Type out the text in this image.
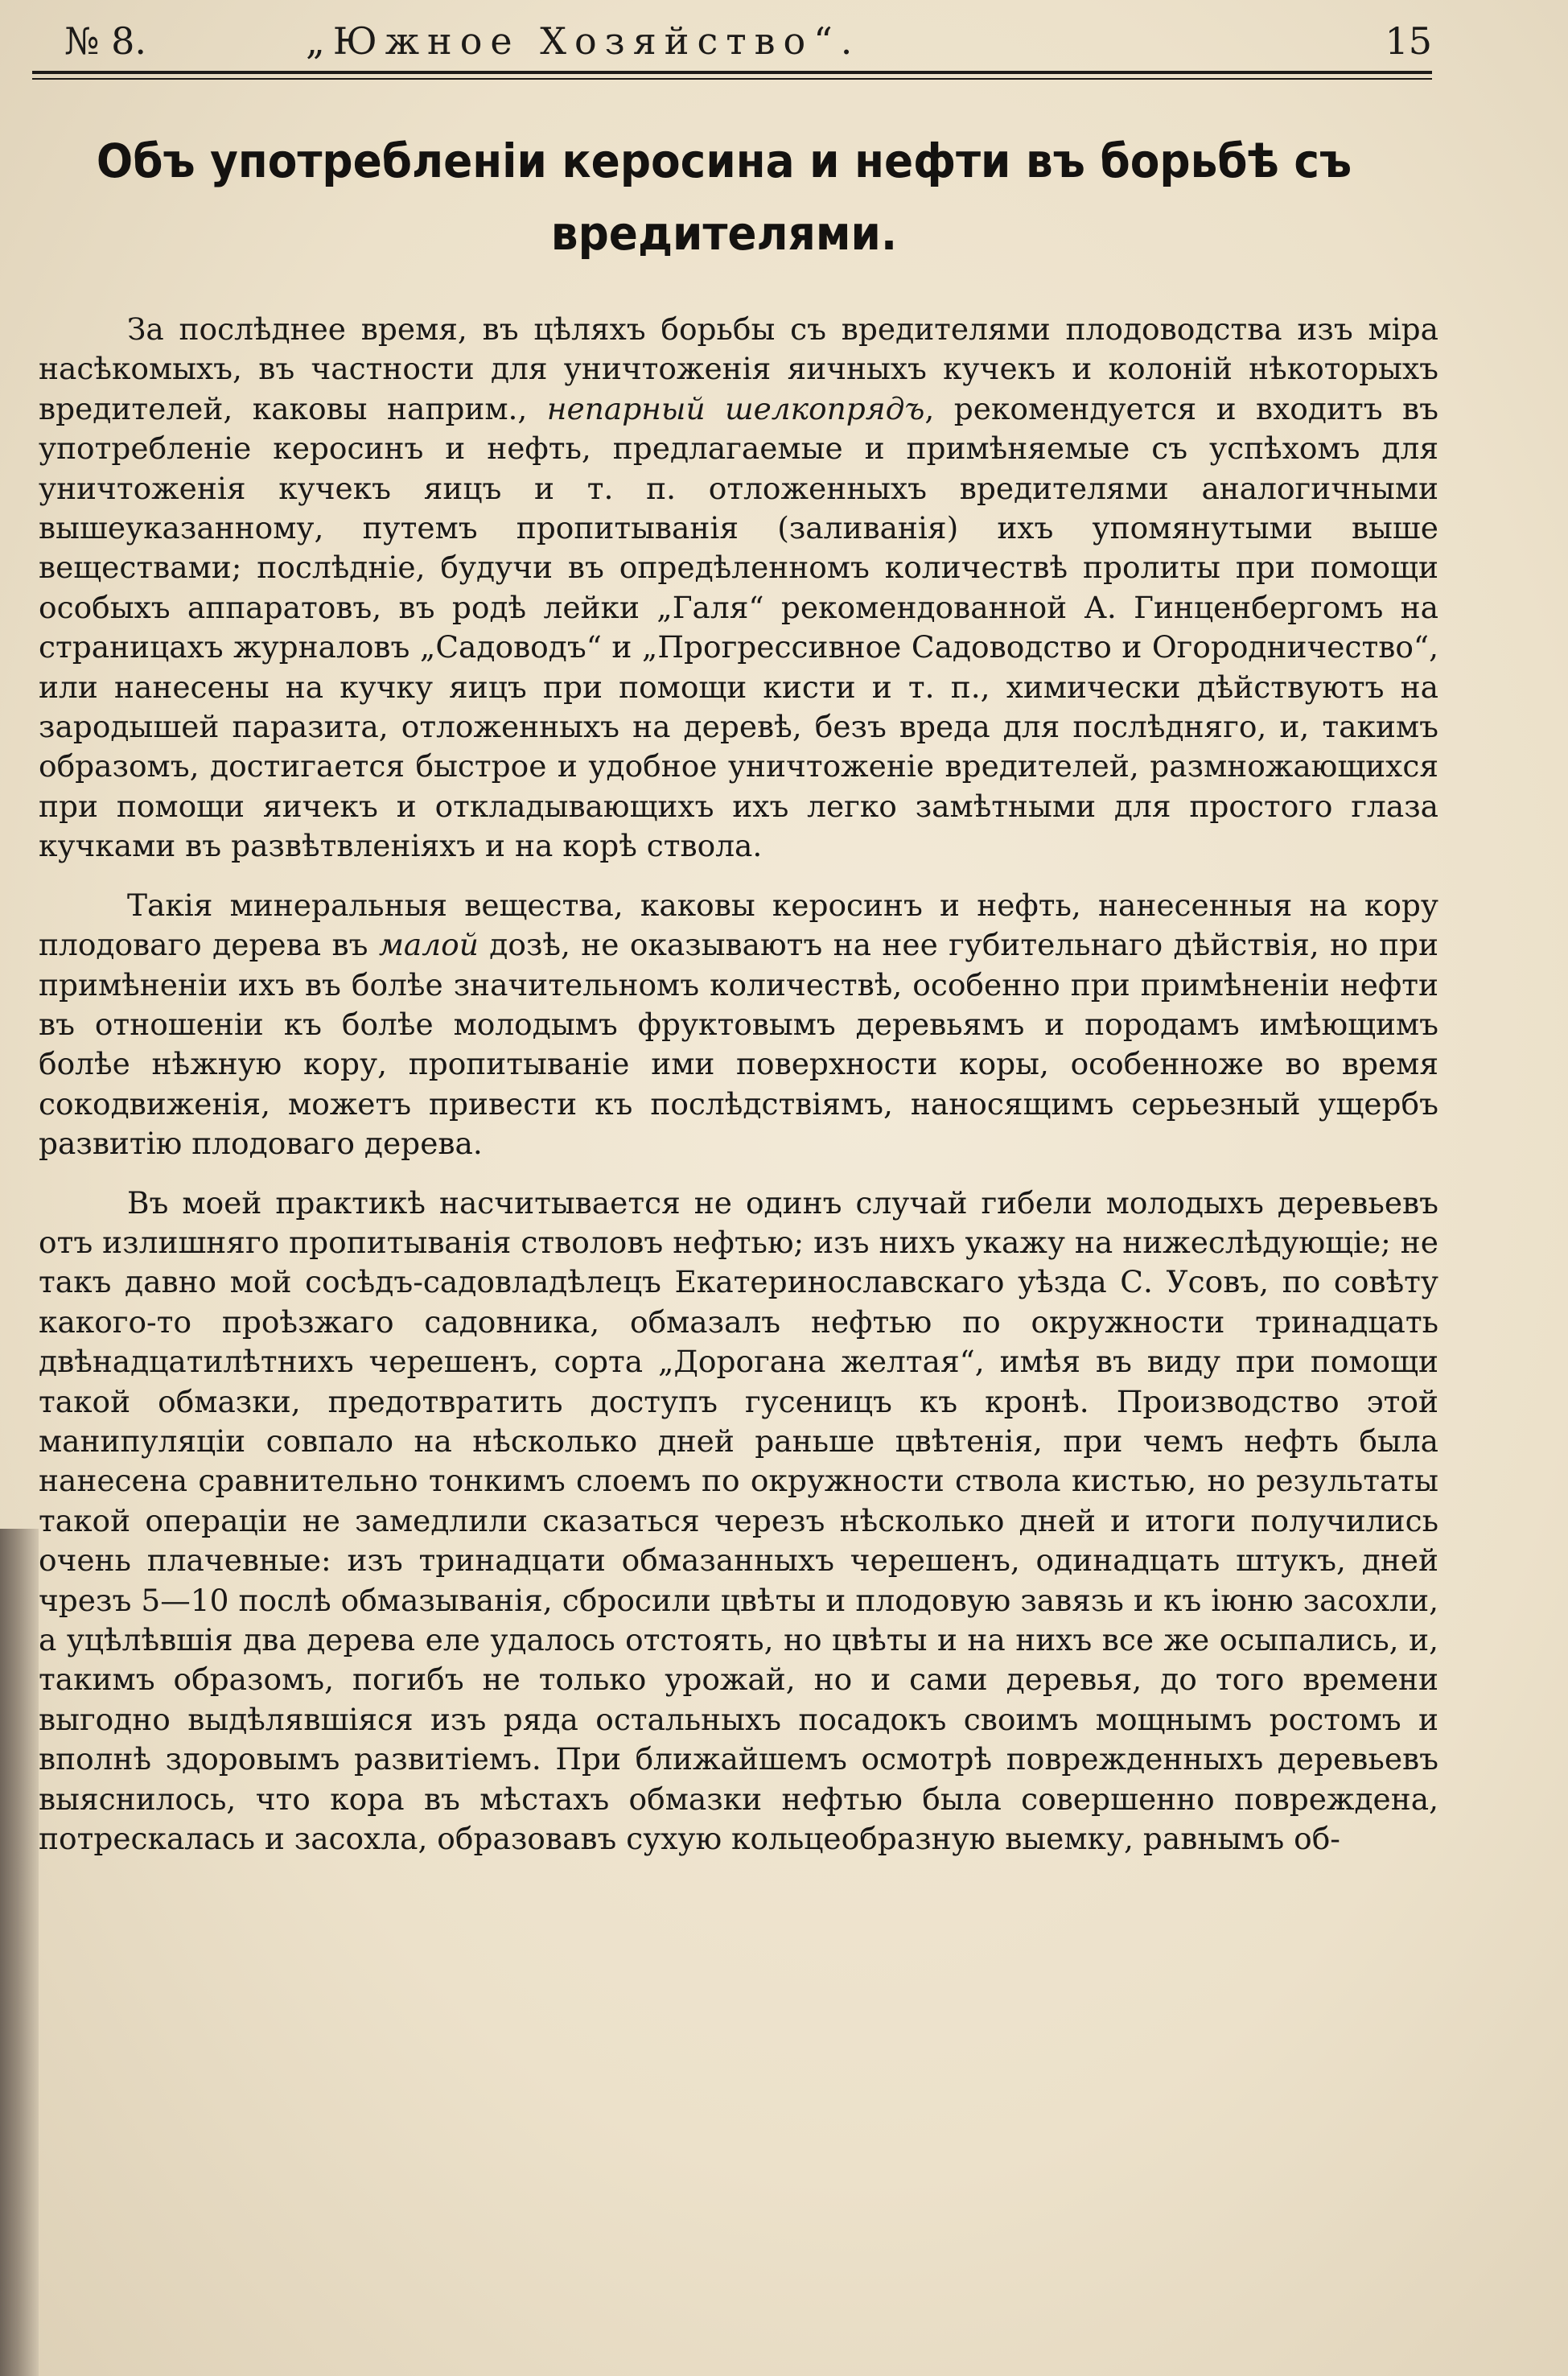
№ 8.	„Южное Хозяйство“.	15
Объ употребленіи керосина и нефти въ борьбѣ съ
вредителями.

За послѣднее время, въ цѣляхъ борьбы съ вредителями плодоводства изъ міра насѣкомыхъ, въ частности для уничтоженія яичныхъ кучекъ и колоній нѣкоторыхъ вредителей, каковы наприм., непарный шелкопрядъ, рекомендуется и входитъ въ употребленіе керосинъ и нефть, предлагаемые и примѣняемые съ успѣхомъ для уничтоженія кучекъ яицъ и т. п. отложенныхъ вредителями аналогичными вышеуказанному, путемъ пропитыванія (заливанія) ихъ упомянутыми выше веществами; послѣдніе, будучи въ опредѣленномъ количествѣ пролиты при помощи особыхъ аппаратовъ, въ родѣ лейки „Галя“ рекомендованной А. Гинценбергомъ на страницахъ журналовъ „Садоводъ“ и „Прогрессивное Садоводство и Огородничество“, или нанесены на кучку яицъ при помощи кисти и т. п., химически дѣйствуютъ на зародышей паразита, отложенныхъ на деревѣ, безъ вреда для послѣдняго, и, такимъ образомъ, достигается быстрое и удобное уничтоженіе вредителей, размножающихся при помощи яичекъ и откладывающихъ ихъ легко замѣтными для простого глаза кучками въ развѣтвленіяхъ и на корѣ ствола.

Такія минеральныя вещества, каковы керосинъ и нефть, нанесенныя на кору плодоваго дерева въ малой дозѣ, не оказываютъ на нее губительнаго дѣйствія, но при примѣненіи ихъ въ болѣе значительномъ количествѣ, особенно при примѣненіи нефти въ отношеніи къ болѣе молодымъ фруктовымъ деревьямъ и породамъ имѣющимъ болѣе нѣжную кору, пропитываніе ими поверхности коры, особенноже во время сокодвиженія, можетъ привести къ послѣдствіямъ, наносящимъ серьезный ущербъ развитію плодоваго дерева.

Въ моей практикѣ насчитывается не одинъ случай гибели молодыхъ деревьевъ отъ излишняго пропитыванія стволовъ нефтью; изъ нихъ укажу на нижеслѣдующіе; не такъ давно мой сосѣдъ-садовладѣлецъ Екатеринославскаго уѣзда С. Усовъ, по совѣту какого-то проѣзжаго садовника, обмазалъ нефтью по окружности тринадцать двѣнадцатилѣтнихъ черешенъ, сорта „Дорогана желтая“, имѣя въ виду при помощи такой обмазки, предотвратить доступъ гусеницъ къ кронѣ. Производство этой манипуляціи совпало на нѣсколько дней раньше цвѣтенія, при чемъ нефть была нанесена сравнительно тонкимъ слоемъ по окружности ствола кистью, но результаты такой операціи не замедлили сказаться черезъ нѣсколько дней и итоги получились очень плачевные: изъ тринадцати обмазанныхъ черешенъ, одинадцать штукъ, дней чрезъ 5—10 послѣ обмазыванія, сбросили цвѣты и плодовую завязь и къ іюню засохли, а уцѣлѣвшія два дерева еле удалось отстоять, но цвѣты и на нихъ все же осыпались, и, такимъ образомъ, погибъ не только урожай, но и сами деревья, до того времени выгодно выдѣлявшіяся изъ ряда остальныхъ посадокъ своимъ мощнымъ ростомъ и вполнѣ здоровымъ развитіемъ. При ближайшемъ осмотрѣ поврежденныхъ деревьевъ выяснилось, что кора въ мѣстахъ обмазки нефтью была совершенно повреждена, потрескалась и засохла, образовавъ сухую кольцеобразную выемку, равнымъ об-
